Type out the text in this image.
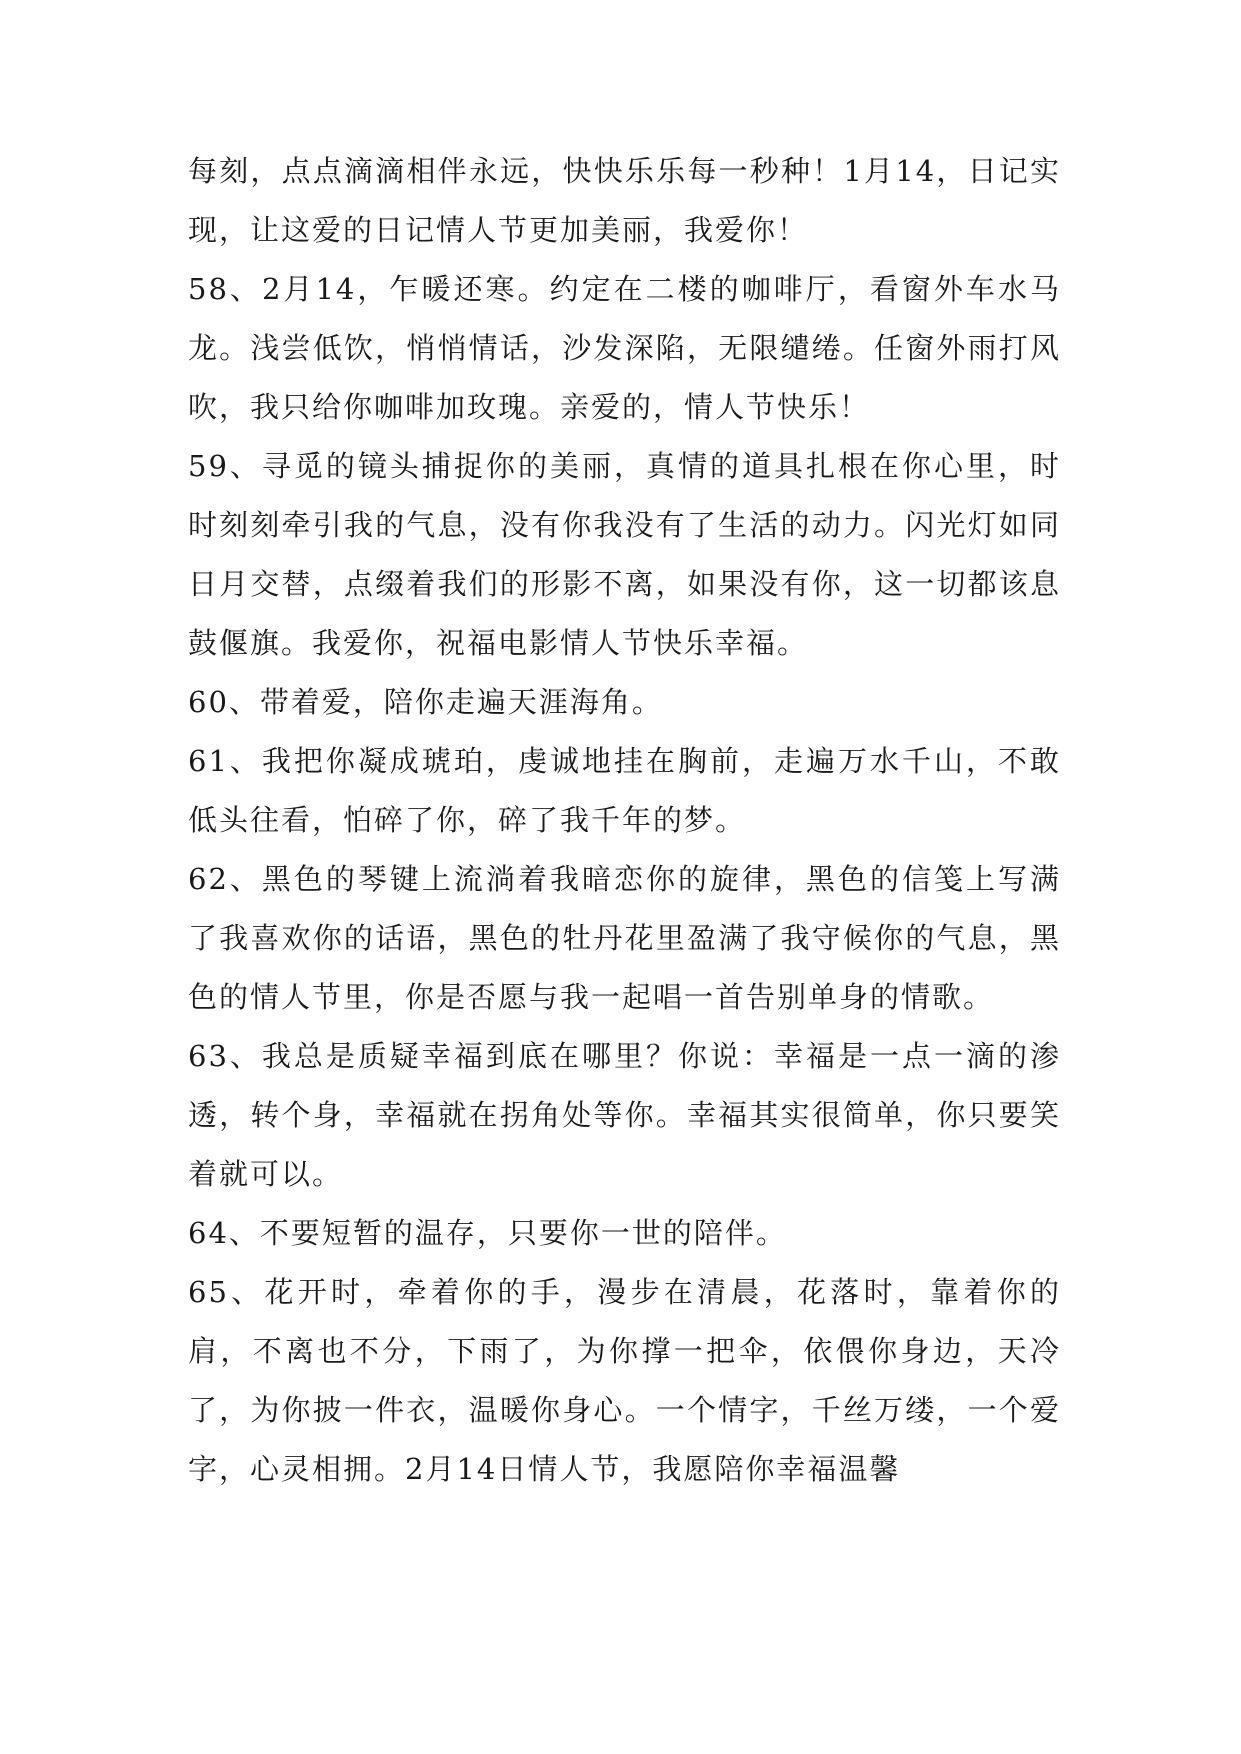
每刻，点点滴滴相伴永远，快快乐乐每一秒种！1月14，日记实现，让这爱的日记情人节更加美丽，我爱你！

58、2月14，乍暖还寒。约定在二楼的咖啡厅，看窗外车水马龙。浅尝低饮，悄悄情话，沙发深陷，无限缱绻。任窗外雨打风吹，我只给你咖啡加玫瑰。亲爱的，情人节快乐！

59、寻觅的镜头捕捉你的美丽，真情的道具扎根在你心里，时时刻刻牵引我的气息，没有你我没有了生活的动力。闪光灯如同日月交替，点缀着我们的形影不离，如果没有你，这一切都该息鼓偃旗。我爱你，祝福电影情人节快乐幸福。

60、带着爱，陪你走遍天涯海角。

61、我把你凝成琥珀，虔诚地挂在胸前，走遍万水千山，不敢低头往看，怕碎了你，碎了我千年的梦。

62、黑色的琴键上流淌着我暗恋你的旋律，黑色的信笺上写满了我喜欢你的话语，黑色的牡丹花里盈满了我守候你的气息，黑色的情人节里，你是否愿与我一起唱一首告别单身的情歌。

63、我总是质疑幸福到底在哪里？你说：幸福是一点一滴的渗透，转个身，幸福就在拐角处等你。幸福其实很简单，你只要笑着就可以。

64、不要短暂的温存，只要你一世的陪伴。

65、花开时，牵着你的手，漫步在清晨，花落时，靠着你的肩，不离也不分，下雨了，为你撑一把伞，依偎你身边，天冷了，为你披一件衣，温暖你身心。一个情字，千丝万缕，一个爱字，心灵相拥。2月14日情人节，我愿陪你幸福温馨
